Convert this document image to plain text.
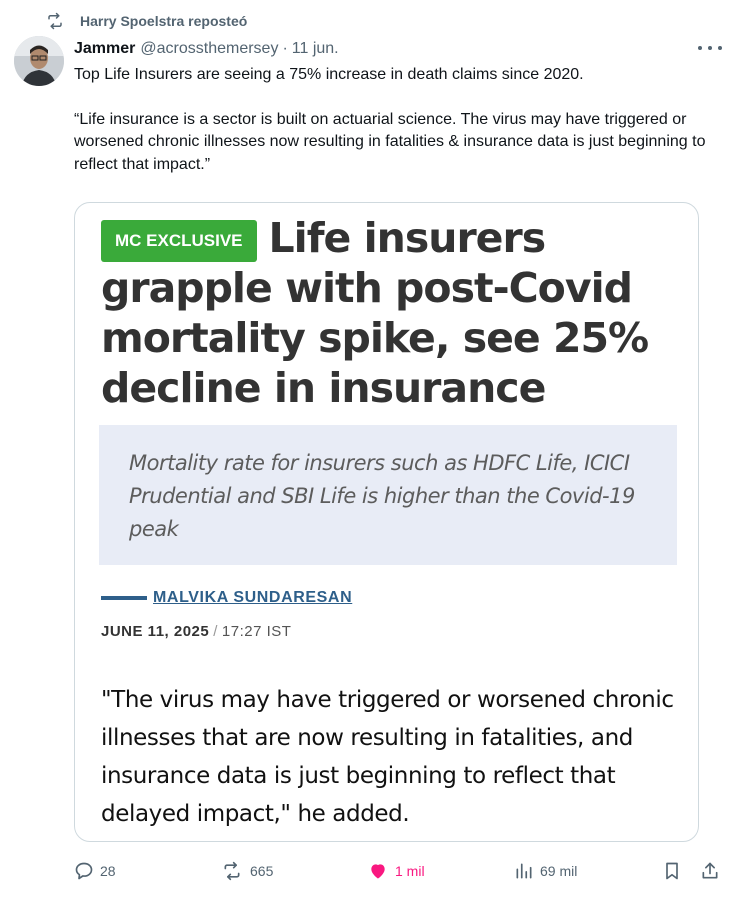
Harry Spoelstra reposteó
Jammer @acrossthemersey · 11 jun.

Top Life Insurers are seeing a 75% increase in death claims since 2020.

“Life insurance is a sector is built on actuarial science. The virus may have triggered or worsened chronic illnesses now resulting in fatalities & insurance data is just beginning to reflect that impact.”

MC EXCLUSIVE Life insurers grapple with post-Covid mortality spike, see 25% decline in insurance
Mortality rate for insurers such as HDFC Life, ICICI Prudential and SBI Life is higher than the Covid-19 peak
MALVIKA SUNDARESAN
JUNE 11, 2025 / 17:27 IST
"The virus may have triggered or worsened chronic illnesses that are now resulting in fatalities, and insurance data is just beginning to reflect that delayed impact," he added.
28	665	1 mil	69 mil
